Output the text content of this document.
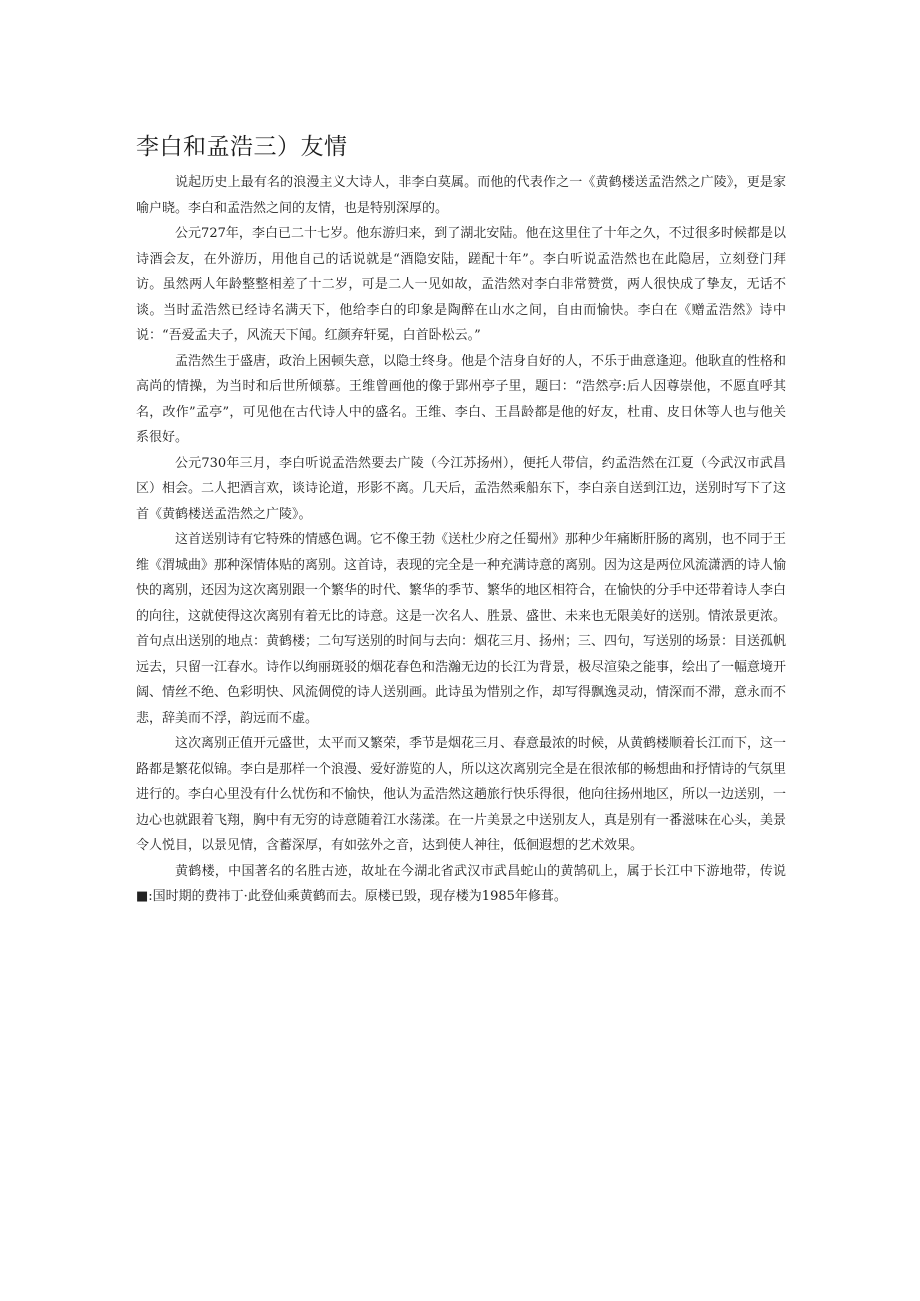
李白和孟浩三）友情

说起历史上最有名的浪漫主义大诗人，非李白莫属。而他的代表作之一《黄鹤楼送孟浩然之广陵》，更是家喻户晓。李白和孟浩然之间的友情，也是特别深厚的。

公元727年，李白已二十七岁。他东游归来，到了湖北安陆。他在这里住了十年之久，不过很多时候都是以诗酒会友，在外游历，用他自己的话说就是“酒隐安陆，蹉配十年”。李白听说孟浩然也在此隐居，立刻登门拜访。虽然两人年龄整整相差了十二岁，可是二人一见如故，孟浩然对李白非常赞赏，两人很快成了挚友，无话不谈。当时孟浩然已经诗名满天下，他给李白的印象是陶醉在山水之间，自由而愉快。李白在《赠孟浩然》诗中说：“吾爱孟夫子，风流天下闻。红颜弃轩冕，白首卧松云。”

孟浩然生于盛唐，政治上困顿失意，以隐士终身。他是个洁身自好的人，不乐于曲意逢迎。他耿直的性格和高尚的情操，为当时和后世所倾慕。王维曾画他的像于郢州亭子里，题曰：“浩然亭:后人因尊崇他，不愿直呼其名，改作”孟亭”，可见他在古代诗人中的盛名。王维、李白、王昌龄都是他的好友，杜甫、皮日休等人也与他关系很好。

公元730年三月，李白听说孟浩然要去广陵（今江苏扬州），便托人带信，约孟浩然在江夏（今武汉市武昌区）相会。二人把酒言欢，谈诗论道，形影不离。几天后，孟浩然乘船东下，李白亲自送到江边，送别时写下了这首《黄鹤楼送孟浩然之广陵》。

这首送别诗有它特殊的情感色调。它不像王勃《送杜少府之任蜀州》那种少年痛断肝肠的离别，也不同于王维《渭城曲》那种深情体贴的离别。这首诗，表现的完全是一种充满诗意的离别。因为这是两位风流潇洒的诗人愉快的离别，还因为这次离别跟一个繁华的时代、繁华的季节、繁华的地区相符合，在愉快的分手中还带着诗人李白的向往，这就使得这次离别有着无比的诗意。这是一次名人、胜景、盛世、未来也无限美好的送别。情浓景更浓。首句点出送别的地点：黄鹤楼；二句写送别的时间与去向：烟花三月、扬州；三、四句，写送别的场景：目送孤帆远去，只留一江春水。诗作以绚丽斑驳的烟花春色和浩瀚无边的长江为背景，极尽渲染之能事，绘出了一幅意境开阔、情丝不绝、色彩明快、风流倜傥的诗人送别画。此诗虽为惜别之作，却写得飘逸灵动，情深而不滞，意永而不悲，辞美而不浮，韵远而不虚。

这次离别正值开元盛世，太平而又繁荣，季节是烟花三月、春意最浓的时候，从黄鹤楼顺着长江而下，这一路都是繁花似锦。李白是那样一个浪漫、爱好游览的人，所以这次离别完全是在很浓郁的畅想曲和抒情诗的气氛里进行的。李白心里没有什么忧伤和不愉快，他认为孟浩然这趟旅行快乐得很，他向往扬州地区，所以一边送别，一边心也就跟着飞翔，胸中有无穷的诗意随着江水荡漾。在一片美景之中送别友人，真是别有一番滋味在心头，美景令人悦目，以景见情，含蓄深厚，有如弦外之音，达到使人神往，低徊遐想的艺术效果。

黄鹤楼，中国著名的名胜古迹，故址在今湖北省武汉市武昌蛇山的黄鹄矶上，属于长江中下游地带，传说■:国时期的费祎丁·此登仙乘黄鹤而去。原楼已毁，现存楼为1985年修葺。
